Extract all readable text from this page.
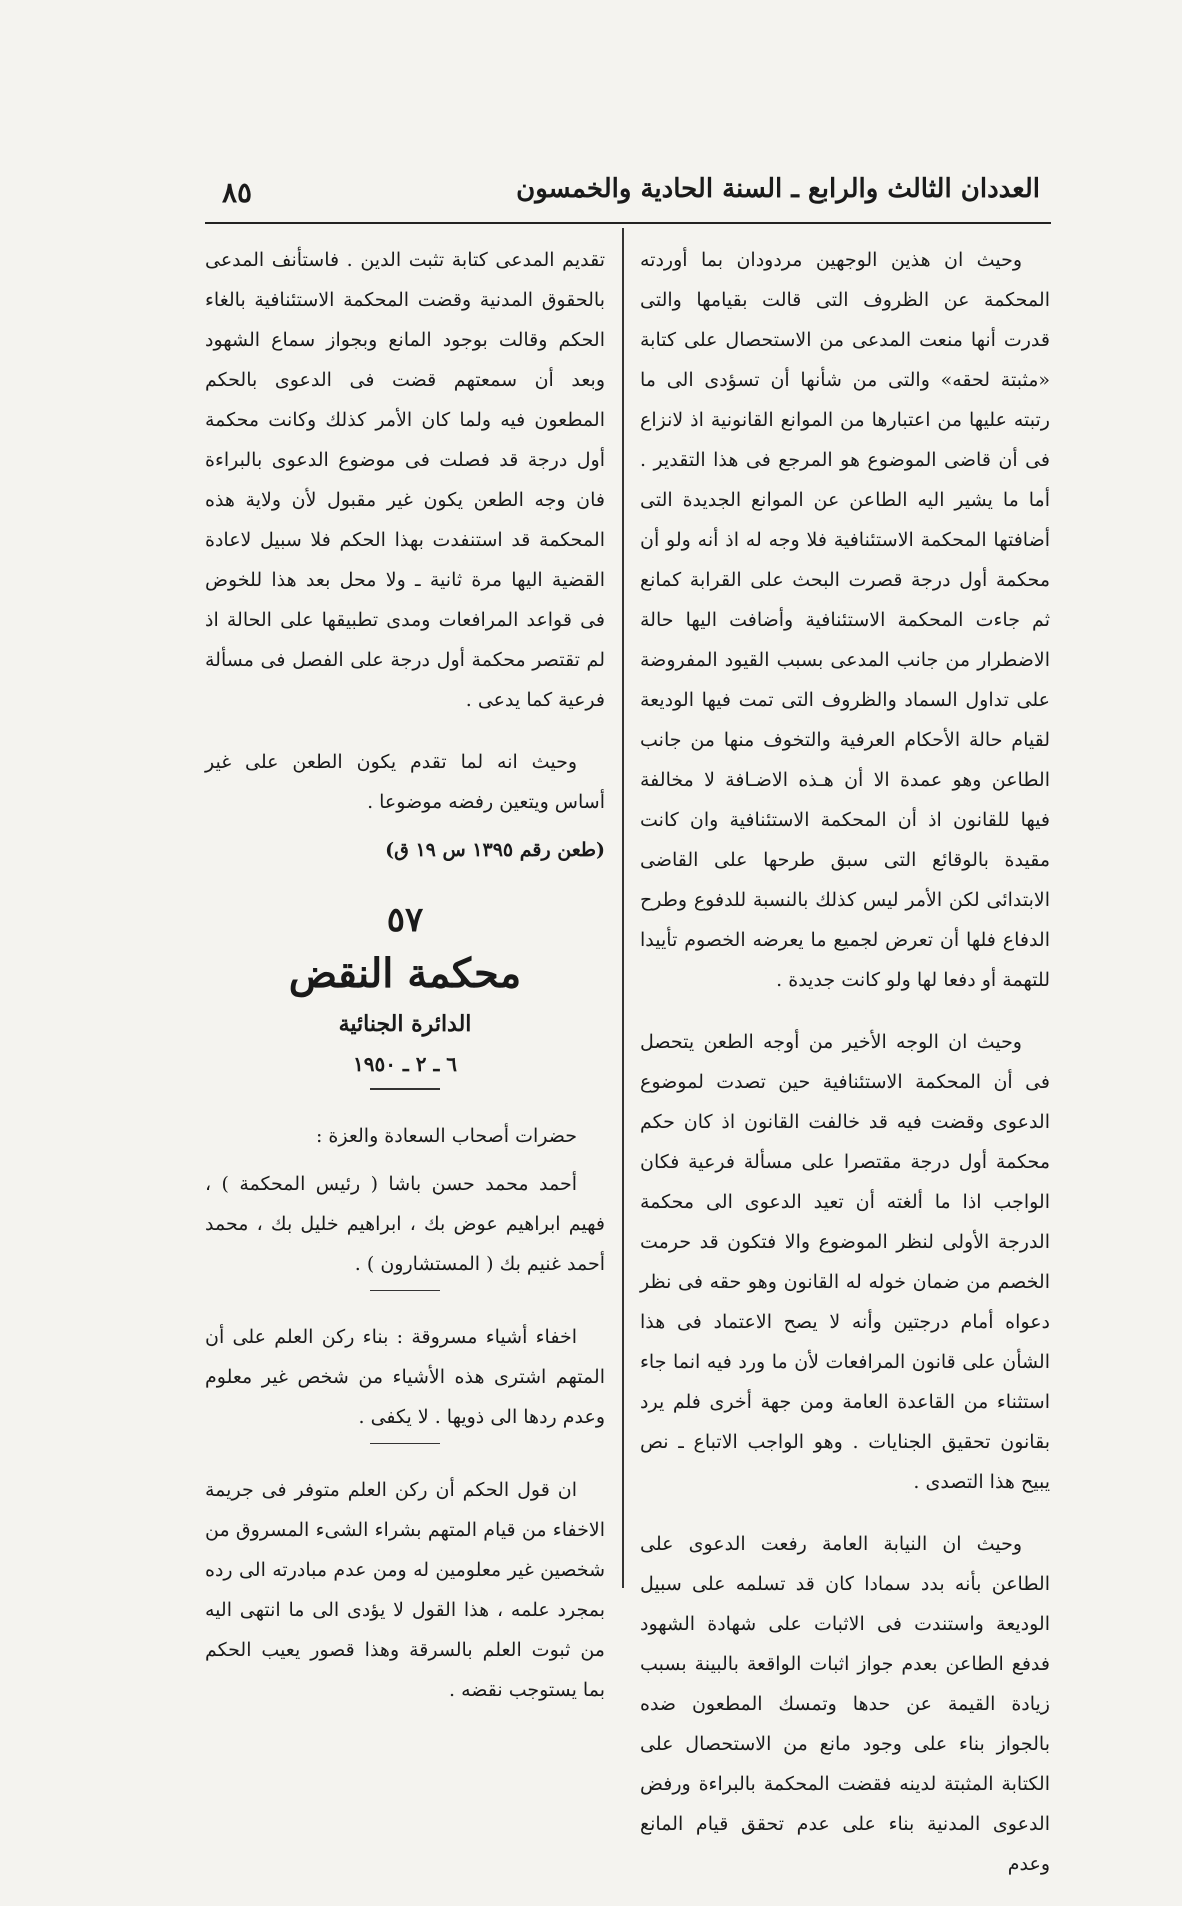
٨٥	العددان الثالث والرابع ـ السنة الحادية والخمسون

وحيث ان هذين الوجهين مردودان بما أوردته المحكمة عن الظروف التى قالت بقيامها والتى قدرت أنها منعت المدعى من الاستحصال على كتابة «مثبتة لحقه» والتى من شأنها أن تسؤدى الى ما رتبته عليها من اعتبارها من الموانع القانونية اذ لانزاع فى أن قاضى الموضوع هو المرجع فى هذا التقدير . أما ما يشير اليه الطاعن عن الموانع الجديدة التى أضافتها المحكمة الاستئنافية فلا وجه له اذ أنه ولو أن محكمة أول درجة قصرت البحث على القرابة كمانع ثم جاءت المحكمة الاستئنافية وأضافت اليها حالة الاضطرار من جانب المدعى بسبب القيود المفروضة على تداول السماد والظروف التى تمت فيها الوديعة لقيام حالة الأحكام العرفية والتخوف منها من جانب الطاعن وهو عمدة الا أن هـذه الاضـافة لا مخالفة فيها للقانون اذ أن المحكمة الاستئنافية وان كانت مقيدة بالوقائع التى سبق طرحها على القاضى الابتدائى لكن الأمر ليس كذلك بالنسبة للدفوع وطرح الدفاع فلها أن تعرض لجميع ما يعرضه الخصوم تأييدا للتهمة أو دفعا لها ولو كانت جديدة .

وحيث ان الوجه الأخير من أوجه الطعن يتحصل فى أن المحكمة الاستئنافية حين تصدت لموضوع الدعوى وقضت فيه قد خالفت القانون اذ كان حكم محكمة أول درجة مقتصرا على مسألة فرعية فكان الواجب اذا ما ألغته أن تعيد الدعوى الى محكمة الدرجة الأولى لنظر الموضوع والا فتكون قد حرمت الخصم من ضمان خوله له القانون وهو حقه فى نظر دعواه أمام درجتين وأنه لا يصح الاعتماد فى هذا الشأن على قانون المرافعات لأن ما ورد فيه انما جاء استثناء من القاعدة العامة ومن جهة أخرى فلم يرد بقانون تحقيق الجنايات . وهو الواجب الاتباع ـ نص يبيح هذا التصدى .

وحيث ان النيابة العامة رفعت الدعوى على الطاعن بأنه بدد سمادا كان قد تسلمه على سبيل الوديعة واستندت فى الاثبات على شهادة الشهود فدفع الطاعن بعدم جواز اثبات الواقعة بالبينة بسبب زيادة القيمة عن حدها وتمسك المطعون ضده بالجواز بناء على وجود مانع من الاستحصال على الكتابة المثبتة لدينه فقضت المحكمة بالبراءة ورفض الدعوى المدنية بناء على عدم تحقق قيام المانع وعدم

تقديم المدعى كتابة تثبت الدين . فاستأنف المدعى بالحقوق المدنية وقضت المحكمة الاستئنافية بالغاء الحكم وقالت بوجود المانع وبجواز سماع الشهود وبعد أن سمعتهم قضت فى الدعوى بالحكم المطعون فيه ولما كان الأمر كذلك وكانت محكمة أول درجة قد فصلت فى موضوع الدعوى بالبراءة فان وجه الطعن يكون غير مقبول لأن ولاية هذه المحكمة قد استنفدت بهذا الحكم فلا سبيل لاعادة القضية اليها مرة ثانية ـ ولا محل بعد هذا للخوض فى قواعد المرافعات ومدى تطبيقها على الحالة اذ لم تقتصر محكمة أول درجة على الفصل فى مسألة فرعية كما يدعى .

وحيث انه لما تقدم يكون الطعن على غير أساس ويتعين رفضه موضوعا .

(طعن رقم ١٣٩٥ س ١٩ ق)

٥٧
محكمة النقض
الدائرة الجنائية
٦ ـ ٢ ـ ١٩٥٠

حضرات أصحاب السعادة والعزة :

أحمد محمد حسن باشا ( رئيس المحكمة ) ، فهيم ابراهيم عوض بك ، ابراهيم خليل بك ، محمد أحمد غنيم بك ( المستشارون ) .

اخفاء أشياء مسروقة : بناء ركن العلم على أن المتهم اشترى هذه الأشياء من شخص غير معلوم وعدم ردها الى ذويها . لا يكفى .

ان قول الحكم أن ركن العلم متوفر فى جريمة الاخفاء من قيام المتهم بشراء الشىء المسروق من شخصين غير معلومين له ومن عدم مبادرته الى رده بمجرد علمه ، هذا القول لا يؤدى الى ما انتهى اليه من ثبوت العلم بالسرقة وهذا قصور يعيب الحكم بما يستوجب نقضه .
